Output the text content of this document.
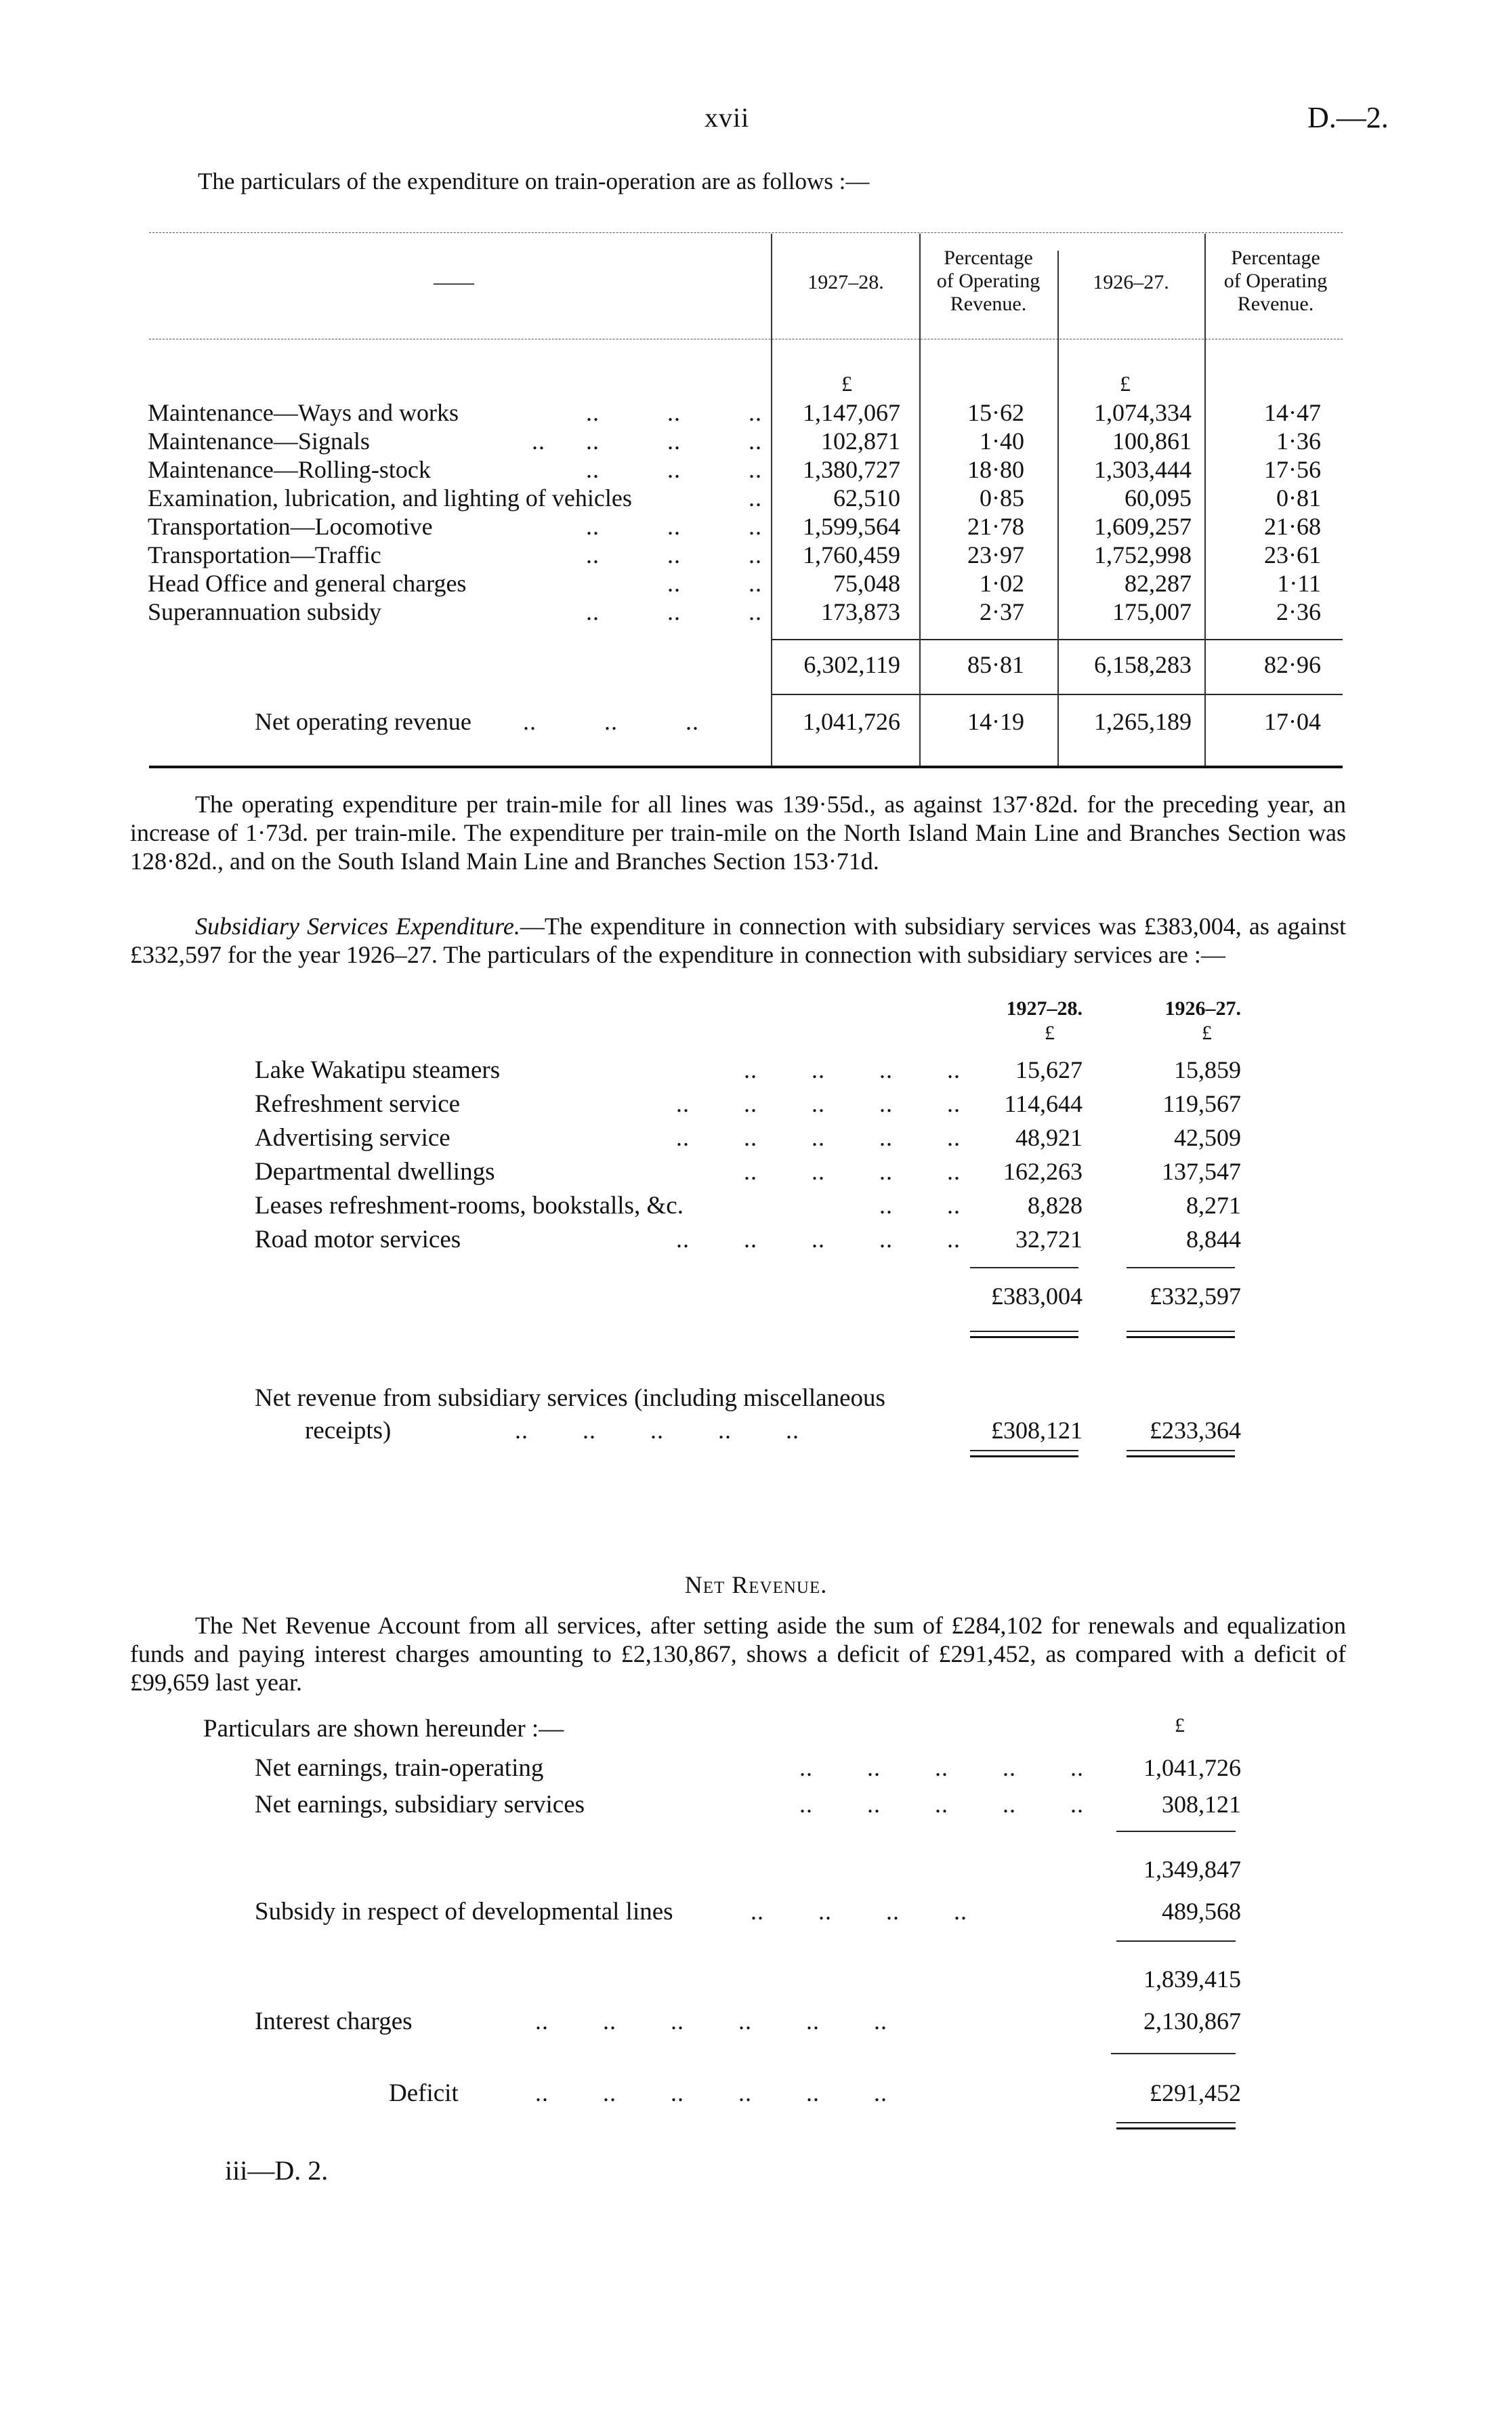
xvii	D.—2.
The particulars of the expenditure on train-operation are as follows :—
——	1927–28.
Percentage
of Operating
Revenue.
1926–27.
Percentage
of Operating
Revenue.
£	£
Maintenance—Ways and works	..          ..          .. 1,147,067	15·62	1,074,334	14·47
Maintenance—Signals	..      ..          ..          .. 102,871	1·40	100,861	1·36
Maintenance—Rolling-stock	..          ..          .. 1,380,727	18·80	1,303,444	17·56
Examination, lubrication, and lighting of vehicles	..	62,510	0·85	60,095	0·81
Transportation—Locomotive	..          ..          .. 1,599,564	21·78	1,609,257	21·68
Transportation—Traffic	..          ..          .. 1,760,459	23·97	1,752,998	23·61
Head Office and general charges	..          ..	75,048	1·02	82,287	1·11
Superannuation subsidy	..          ..          .. 173,873	2·37	175,007	2·36
6,302,119	85·81	6,158,283	82·96
Net operating revenue ..          ..          ..	1,041,726	14·19	1,265,189	17·04

The operating expenditure per train-mile for all lines was 139·55d., as against 137·82d. for the preceding year, an increase of 1·73d. per train-mile. The expenditure per train-mile on the North Island Main Line and Branches Section was 128·82d., and on the South Island Main Line and Branches Section 153·71d.

Subsidiary Services Expenditure.—The expenditure in connection with subsidiary services was £383,004, as against £332,597 for the year 1926–27. The particulars of the expenditure in connection with subsidiary services are :—

1927–28.	1926–27.
£	£
Lake Wakatipu steamers	..        ..        ..        .. 15,627	15,859
Refreshment service	..        ..        ..        ..        .. 114,644	119,567
Advertising service	..        ..        ..        ..        .. 48,921	42,509
Departmental dwellings	..        ..        ..        .. 162,263	137,547
Leases refreshment-rooms, bookstalls, &c.	..        ..	8,828	8,271
Road motor services	..        ..        ..        ..        .. 32,721	8,844
£383,004	£332,597
Net revenue from subsidiary services (including miscellaneous
receipts)	..        ..        ..        ..        ..	£308,121	£233,364
Net Revenue.

The Net Revenue Account from all services, after setting aside the sum of £284,102 for renewals and equalization funds and paying interest charges amounting to £2,130,867, shows a deficit of £291,452, as compared with a deficit of £99,659 last year.

Particulars are shown hereunder :—	£
Net earnings, train-operating	..        ..        ..        ..        .. 1,041,726
Net earnings, subsidiary services	..        ..        ..        ..        ..	308,121
1,349,847
Subsidy in respect of developmental lines	..        ..        ..        ..	489,568
1,839,415
Interest charges	..        ..        ..        ..        ..        ..	2,130,867
Deficit	..        ..        ..        ..        ..        ..	£291,452
iii—D. 2.
